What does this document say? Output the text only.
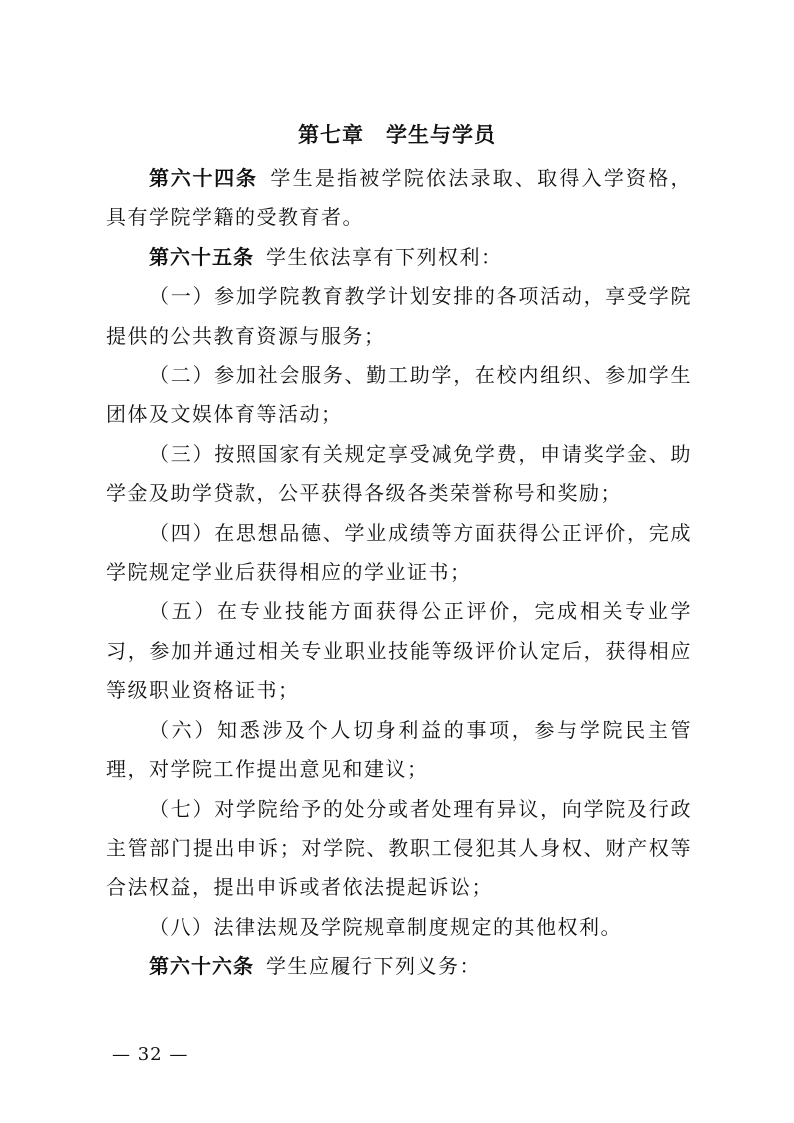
第七章 学生与学员

第六十四条 学生是指被学院依法录取、取得入学资格，具有学院学籍的受教育者。

第六十五条 学生依法享有下列权利：

（一）参加学院教育教学计划安排的各项活动，享受学院提供的公共教育资源与服务；

（二）参加社会服务、勤工助学，在校内组织、参加学生团体及文娱体育等活动；

（三）按照国家有关规定享受减免学费，申请奖学金、助学金及助学贷款，公平获得各级各类荣誉称号和奖励；

（四）在思想品德、学业成绩等方面获得公正评价，完成学院规定学业后获得相应的学业证书；

（五）在专业技能方面获得公正评价，完成相关专业学习，参加并通过相关专业职业技能等级评价认定后，获得相应等级职业资格证书；

（六）知悉涉及个人切身利益的事项，参与学院民主管理，对学院工作提出意见和建议；

（七）对学院给予的处分或者处理有异议，向学院及行政主管部门提出申诉；对学院、教职工侵犯其人身权、财产权等合法权益，提出申诉或者依法提起诉讼；

（八）法律法规及学院规章制度规定的其他权利。

第六十六条 学生应履行下列义务：

— 32 —
